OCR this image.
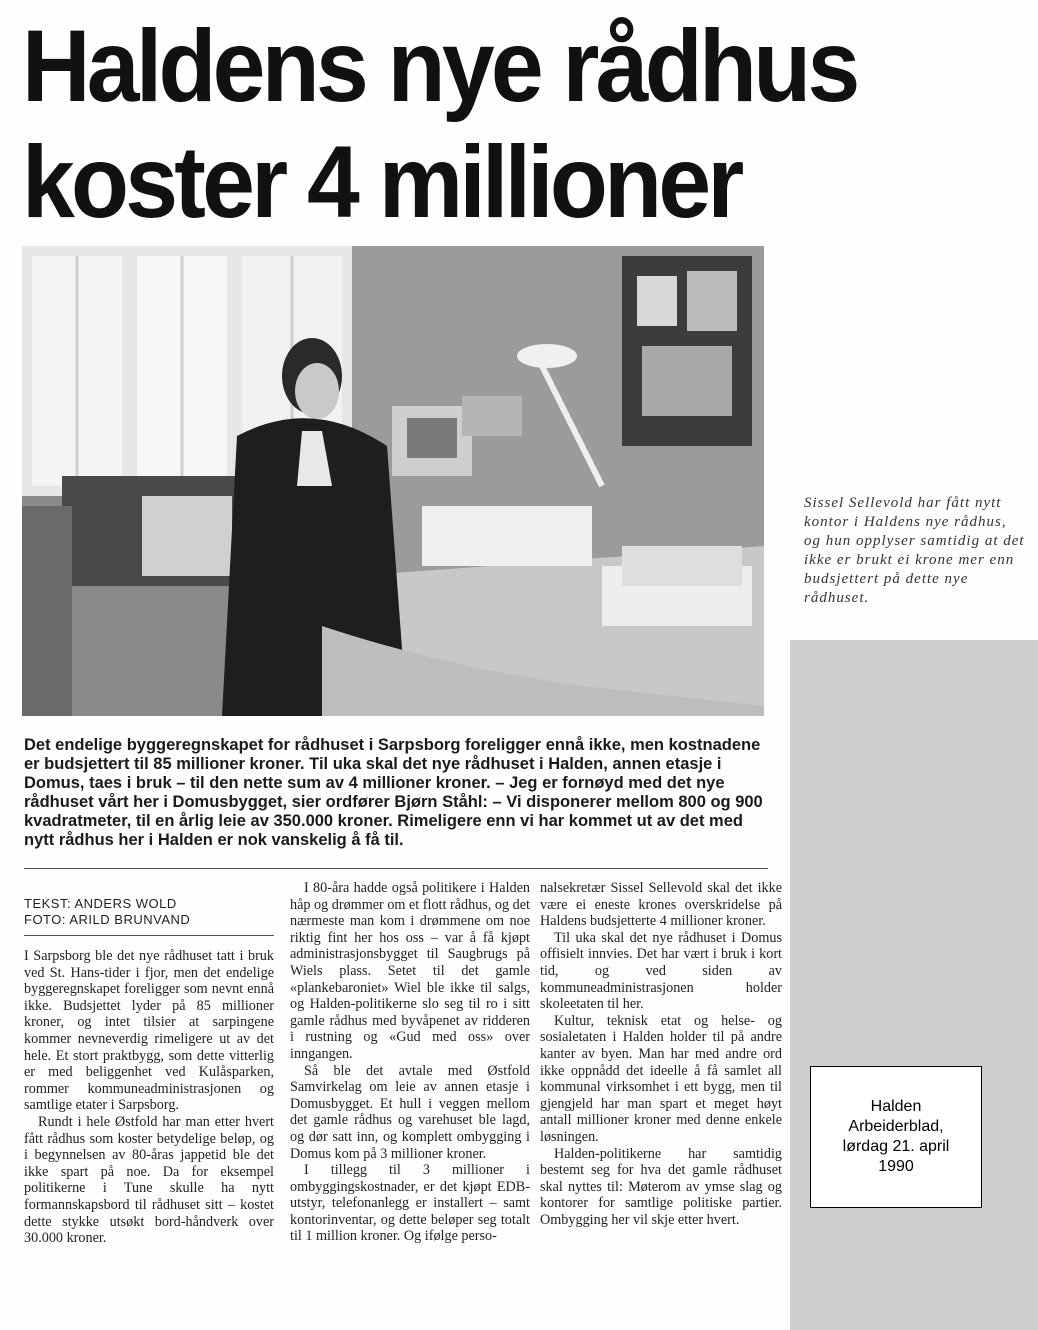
Haldens nye rådhus koster 4 millioner
Sissel Sellevold har fått nytt kontor i Haldens nye rådhus, og hun opplyser samtidig at det ikke er brukt ei krone mer enn budsjettert på dette nye rådhuset.

Det endelige byggeregnskapet for rådhuset i Sarpsborg foreligger ennå ikke, men kostnadene er budsjettert til 85 millioner kroner. Til uka skal det nye rådhuset i Halden, annen etasje i Domus, taes i bruk – til den nette sum av 4 millioner kroner. – Jeg er fornøyd med det nye rådhuset vårt her i Domusbygget, sier ordfører Bjørn Ståhl: – Vi disponerer mellom 800 og 900 kvadratmeter, til en årlig leie av 350.000 kroner. Rimeligere enn vi har kommet ut av det med nytt rådhus her i Halden er nok vanskelig å få til.

TEKST: ANDERS WOLD
FOTO: ARILD BRUNVAND

I Sarpsborg ble det nye rådhuset tatt i bruk ved St. Hans-tider i fjor, men det endelige byggeregnskapet foreligger som nevnt ennå ikke. Budsjettet lyder på 85 millioner kroner, og intet tilsier at sarpingene kommer nevneverdig rimeligere ut av det hele. Et stort praktbygg, som dette vitterlig er med beliggenhet ved Kulåsparken, rommer kommuneadministrasjonen og samtlige etater i Sarpsborg.

Rundt i hele Østfold har man etter hvert fått rådhus som koster betydelige beløp, og i begynnelsen av 80-åras jappetid ble det ikke spart på noe. Da for eksempel politikerne i Tune skulle ha nytt formannskapsbord til rådhuset sitt – kostet dette stykke utsøkt bord-håndverk over 30.000 kroner.

I 80-åra hadde også politikere i Halden håp og drømmer om et flott rådhus, og det nærmeste man kom i drømmene om noe riktig fint her hos oss – var å få kjøpt administrasjonsbygget til Saugbrugs på Wiels plass. Setet til det gamle «plankebaroniet» Wiel ble ikke til salgs, og Halden-politikerne slo seg til ro i sitt gamle rådhus med byvåpenet av ridderen i rustning og «Gud med oss» over inngangen.

Så ble det avtale med Østfold Samvirkelag om leie av annen etasje i Domusbygget. Et hull i veggen mellom det gamle rådhus og varehuset ble lagd, og dør satt inn, og komplett ombygging i Domus kom på 3 millioner kroner.

I tillegg til 3 millioner i ombyggingskostnader, er det kjøpt EDB-utstyr, telefonanlegg er installert – samt kontorinventar, og dette beløper seg totalt til 1 million kroner. Og ifølge perso-

nalsekretær Sissel Sellevold skal det ikke være ei eneste krones overskridelse på Haldens budsjetterte 4 millioner kroner.

Til uka skal det nye rådhuset i Domus offisielt innvies. Det har vært i bruk i kort tid, og ved siden av kommuneadministrasjonen holder skoleetaten til her.

Kultur, teknisk etat og helse- og sosialetaten i Halden holder til på andre kanter av byen. Man har med andre ord ikke oppnådd det ideelle å få samlet all kommunal virksomhet i ett bygg, men til gjengjeld har man spart et meget høyt antall millioner kroner med denne enkele løsningen.

Halden-politikerne har samtidig bestemt seg for hva det gamle rådhuset skal nyttes til: Møterom av ymse slag og kontorer for samtlige politiske partier. Ombygging her vil skje etter hvert.

Halden
Arbeiderblad,
lørdag 21. april
1990
